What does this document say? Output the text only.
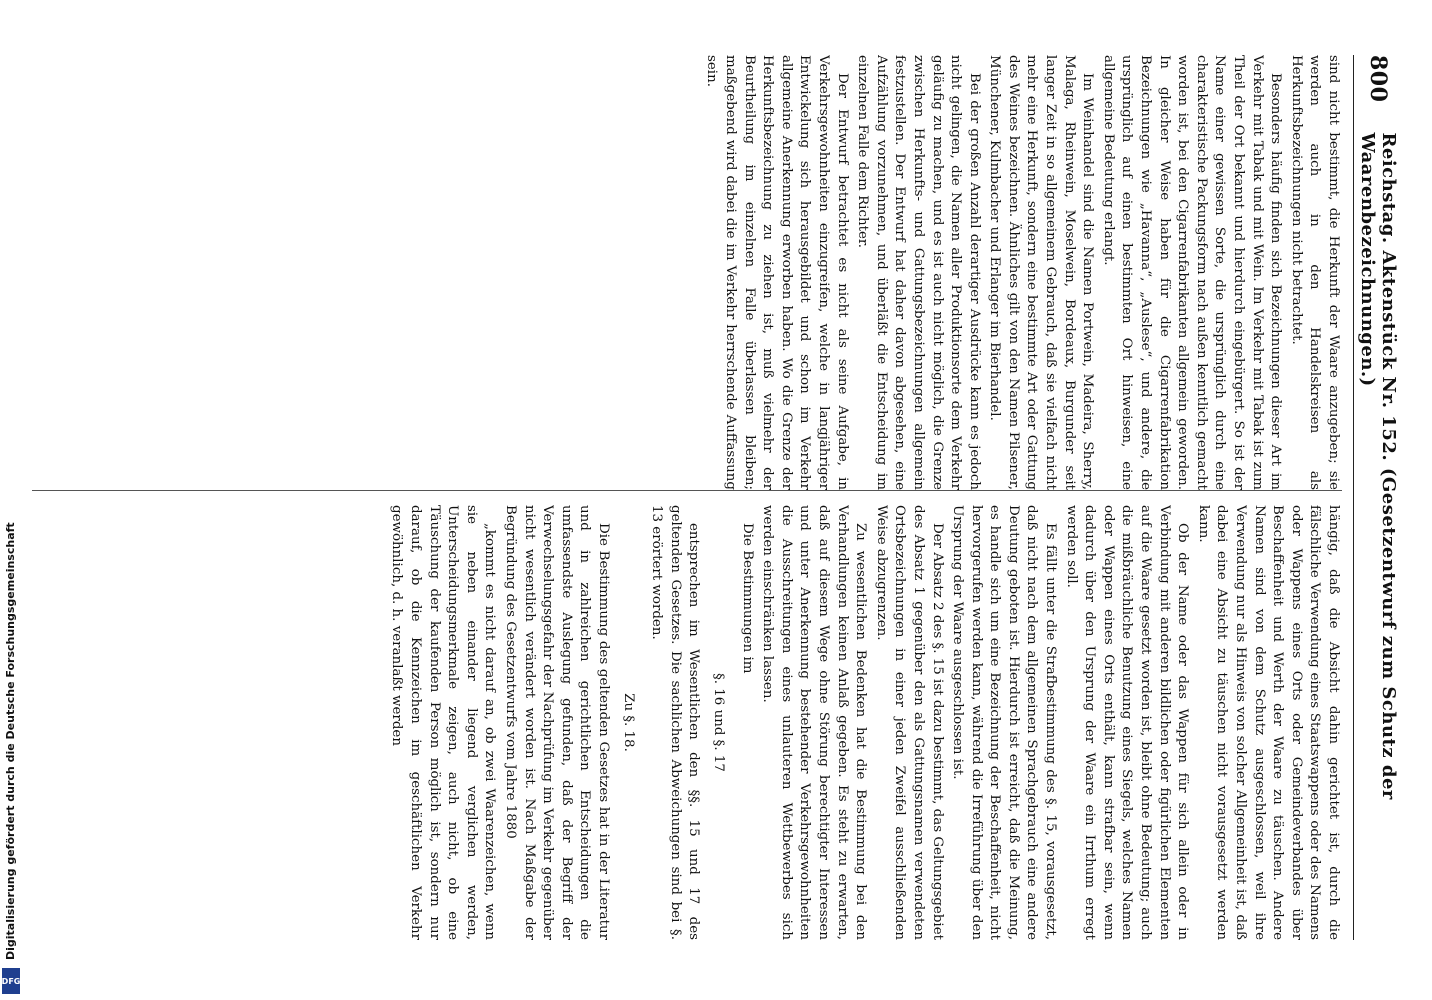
800
Reichstag. Aktenstück Nr. 152. (Gesetzentwurf zum Schutz der Waarenbezeichnungen.)

sind nicht bestimmt, die Herkunft der Waare anzugeben; sie werden auch in den Handelskreisen als Herkunftsbezeichnungen nicht betrachtet.

Besonders häufig finden sich Bezeichnungen dieser Art im Verkehr mit Tabak und mit Wein. Im Verkehr mit Tabak ist zum Theil der Ort bekannt und hierdurch eingebürgert. So ist der Name einer gewissen Sorte, die ursprünglich durch eine charakteristische Packungsform nach außen kenntlich gemacht worden ist, bei den Cigarrenfabrikanten allgemein geworden. In gleicher Weise haben für die Cigarrenfabrikation Bezeichnungen wie „Havanna“, „Auslese“, und andere, die ursprünglich auf einen bestimmten Ort hinweisen, eine allgemeine Bedeutung erlangt.

Im Weinhandel sind die Namen Portwein, Madeira, Sherry, Malaga, Rheinwein, Moselwein, Bordeaux, Burgunder seit langer Zeit in so allgemeinem Gebrauch, daß sie vielfach nicht mehr eine Herkunft, sondern eine bestimmte Art oder Gattung des Weines bezeichnen. Ähnliches gilt von den Namen Pilsener, Münchener, Kulmbacher und Erlanger im Bierhandel.

Bei der großen Anzahl derartiger Ausdrücke kann es jedoch nicht gelingen, die Namen aller Produktionsorte dem Verkehr geläufig zu machen, und es ist auch nicht möglich, die Grenze zwischen Herkunfts- und Gattungsbezeichnungen allgemein festzustellen. Der Entwurf hat daher davon abgesehen, eine Aufzählung vorzunehmen, und überläßt die Entscheidung im einzelnen Falle dem Richter.

Der Entwurf betrachtet es nicht als seine Aufgabe, in Verkehrsgewohnheiten einzugreifen, welche in langjähriger Entwickelung sich herausgebildet und schon im Verkehr allgemeine Anerkennung erworben haben. Wo die Grenze der Herkunftsbezeichnung zu ziehen ist, muß vielmehr der Beurtheilung im einzelnen Falle überlassen bleiben; maßgebend wird dabei die im Verkehr herrschende Auffassung sein.

hängig, daß die Absicht dahin gerichtet ist, durch die fälschliche Verwendung eines Staatswappens oder des Namens oder Wappens eines Orts oder Gemeindeverbandes über Beschaffenheit und Werth der Waare zu täuschen. Andere Namen sind von dem Schutz ausgeschlossen, weil ihre Verwendung nur als Hinweis von solcher Allgemeinheit ist, daß dabei eine Absicht zu täuschen nicht vorausgesetzt werden kann.

Ob der Name oder das Wappen für sich allein oder in Verbindung mit anderen bildlichen oder figürlichen Elementen auf die Waare gesetzt worden ist, bleibt ohne Bedeutung; auch die mißbräuchliche Benutzung eines Siegels, welches Namen oder Wappen eines Orts enthält, kann strafbar sein, wenn dadurch über den Ursprung der Waare ein Irrthum erregt werden soll.

Es fällt unter die Strafbestimmung des §. 15, vorausgesetzt, daß nicht nach dem allgemeinen Sprachgebrauch eine andere Deutung geboten ist. Hierdurch ist erreicht, daß die Meinung, es handle sich um eine Bezeichnung der Beschaffenheit, nicht hervorgerufen werden kann, während die Irreführung über den Ursprung der Waare ausgeschlossen ist.

Der Absatz 2 des §. 15 ist dazu bestimmt, das Geltungsgebiet des Absatz 1 gegenüber den als Gattungsnamen verwendeten Ortsbezeichnungen in einer jeden Zweifel ausschließenden Weise abzugrenzen.

Zu wesentlichen Bedenken hat die Bestimmung bei den Verhandlungen keinen Anlaß gegeben. Es steht zu erwarten, daß auf diesem Wege ohne Störung berechtigter Interessen und unter Anerkennung bestehender Verkehrsgewohnheiten die Ausschreitungen eines unlauteren Wettbewerbes sich werden einschränken lassen.

Die Bestimmungen im

§. 16 und §. 17

entsprechen im Wesentlichen den §§. 15 und 17 des geltenden Gesetzes. Die sachlichen Abweichungen sind bei §. 13 erörtert worden.

Zu §. 18.

Die Bestimmung des geltenden Gesetzes hat in der Literatur und in zahlreichen gerichtlichen Entscheidungen die umfassendste Auslegung gefunden, daß der Begriff der Verwechselungsgefahr der Nachprüfung im Verkehr gegenüber nicht wesentlich verändert worden ist. Nach Maßgabe der Begründung des Gesetzentwurfs vom Jahre 1880

„kommt es nicht darauf an, ob zwei Waarenzeichen, wenn sie neben einander liegend verglichen werden, Unterscheidungsmerkmale zeigen, auch nicht, ob eine Täuschung der kaufenden Person möglich ist, sondern nur darauf, ob die Kennzeichen im geschäftlichen Verkehr gewöhnlich, d. h. veranlaßt werden

Digitalisierung gefördert durch die Deutsche Forschungsgemeinschaft
DFG
